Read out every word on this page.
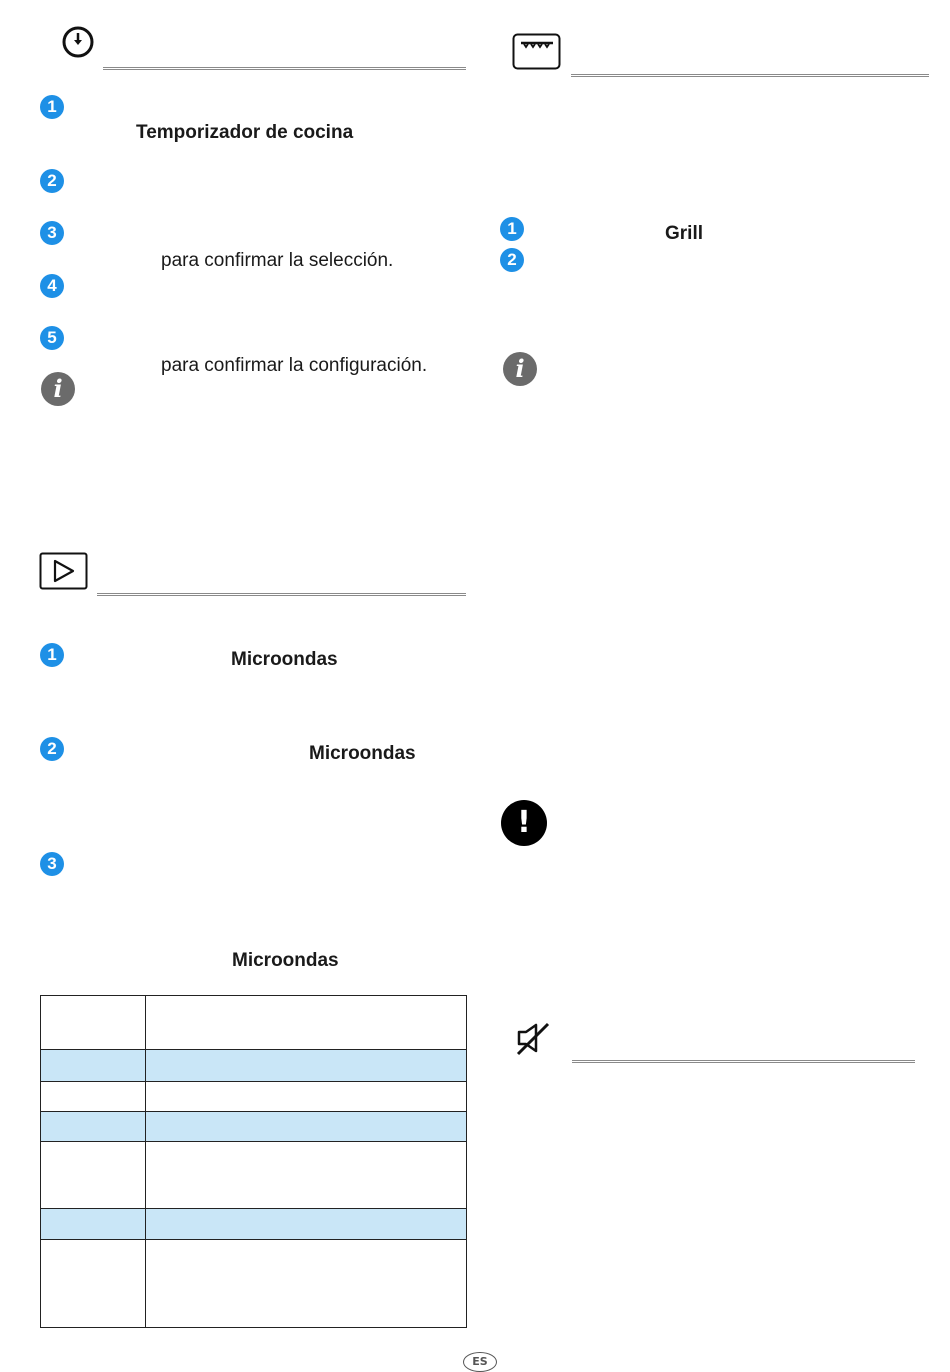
1
Temporizador de cocina
2
3
para confirmar la selección.
4
5
para confirmar la configuración.
i
1	Microondas
2	Microondas
3
Microondas

1	Grill
2
i
!
ES
